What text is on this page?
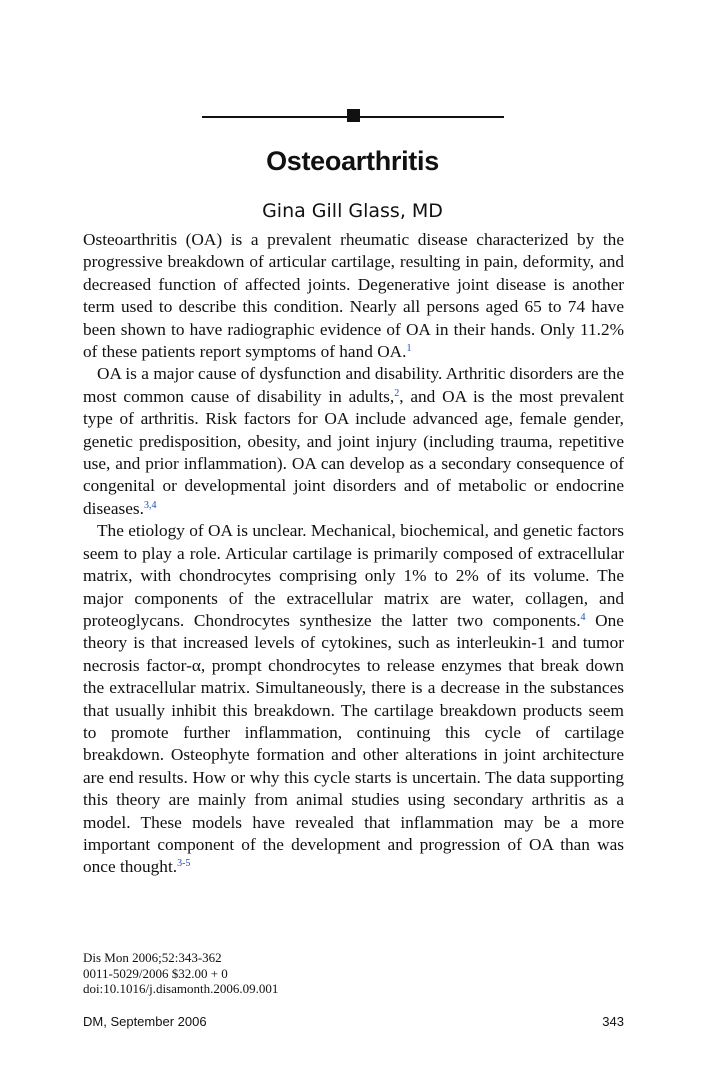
Osteoarthritis
Gina Gill Glass, MD

Osteoarthritis (OA) is a prevalent rheumatic disease characterized by the progressive breakdown of articular cartilage, resulting in pain, deformity, and decreased function of affected joints. Degenerative joint disease is another term used to describe this condition. Nearly all persons aged 65 to 74 have been shown to have radiographic evidence of OA in their hands. Only 11.2% of these patients report symptoms of hand OA.$^1$

OA is a major cause of dysfunction and disability. Arthritic disorders are the most common cause of disability in adults,$^2$, and OA is the most prevalent type of arthritis. Risk factors for OA include advanced age, female gender, genetic predisposition, obesity, and joint injury (including trauma, repetitive use, and prior inflammation). OA can develop as a secondary consequence of congenital or developmental joint disorders and of metabolic or endocrine diseases.$^{3,4}$

The etiology of OA is unclear. Mechanical, biochemical, and genetic factors seem to play a role. Articular cartilage is primarily composed of extracellular matrix, with chondrocytes comprising only 1% to 2% of its volume. The major components of the extracellular matrix are water, collagen, and proteoglycans. Chondrocytes synthesize the latter two components.$^4$ One theory is that increased levels of cytokines, such as interleukin-1 and tumor necrosis factor-α, prompt chondrocytes to release enzymes that break down the extracellular matrix. Simultaneously, there is a decrease in the substances that usually inhibit this breakdown. The cartilage breakdown products seem to promote further inflammation, continuing this cycle of cartilage breakdown. Osteophyte formation and other alterations in joint architecture are end results. How or why this cycle starts is uncertain. The data supporting this theory are mainly from animal studies using secondary arthritis as a model. These models have revealed that inflammation may be a more important component of the development and progression of OA than was once thought.$^{3-5}$

Dis Mon 2006;52:343-362
0011-5029/2006 $32.00 + 0
doi:10.1016/j.disamonth.2006.09.001
DM, September 2006	343
